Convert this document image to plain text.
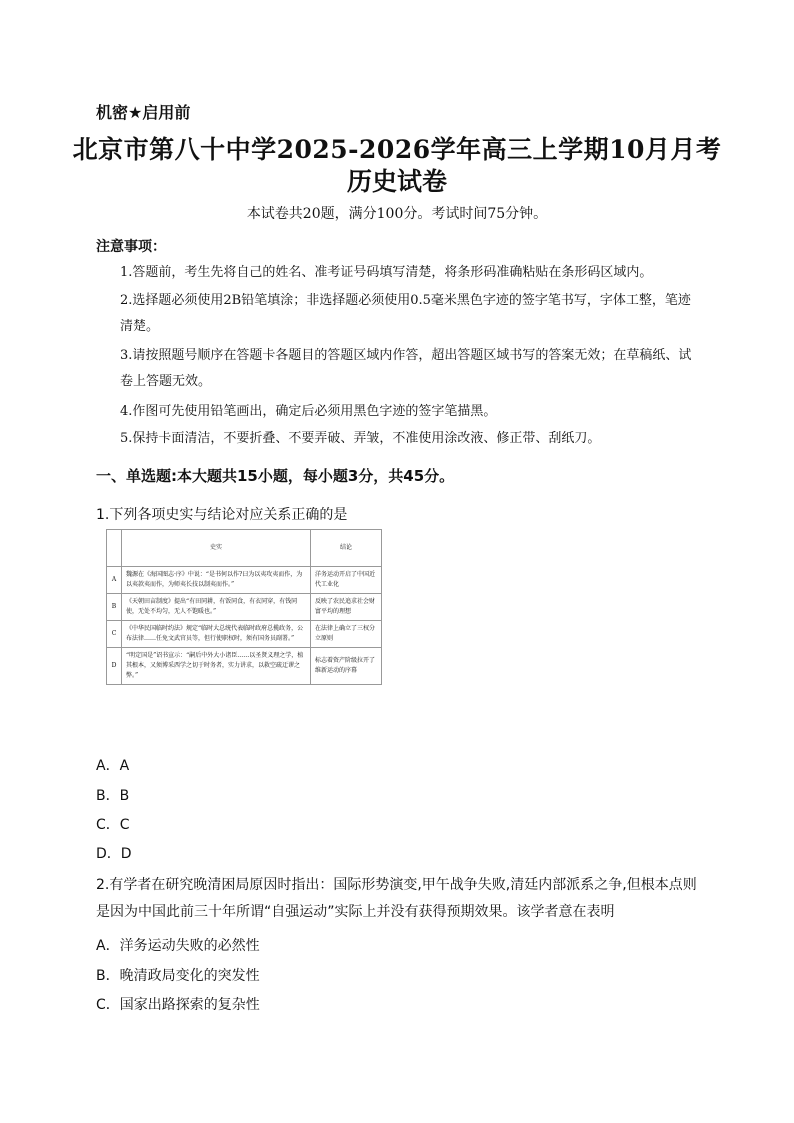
机密★启用前
北京市第八十中学2025-2026学年高三上学期10月月考
历史试卷
本试卷共20题，满分100分。考试时间75分钟。
注意事项：
1.答题前，考生先将自己的姓名、准考证号码填写清楚，将条形码准确粘贴在条形码区域内。
2.选择题必须使用2B铅笔填涂；非选择题必须使用0.5毫米黑色字迹的签字笔书写，字体工整，笔迹清楚。
3.请按照题号顺序在答题卡各题目的答题区域内作答，超出答题区域书写的答案无效；在草稿纸、试卷上答题无效。
4.作图可先使用铅笔画出，确定后必须用黑色字迹的签字笔描黑。
5.保持卡面清洁，不要折叠、不要弄破、弄皱，不准使用涂改液、修正带、刮纸刀。
一、单选题:本大题共15小题，每小题3分，共45分。
1.下列各项史实与结论对应关系正确的是
	史实	结论
A	魏源在《海国图志·序》中说：“是书何以作?曰为以夷攻夷而作，为以夷款夷而作，为师夷长技以制夷而作。”	洋务运动开启了中国近代工业化
B	《天朝田亩制度》提出“有田同耕，有饭同食，有衣同穿，有钱同使，无处不均匀，无人不饱暖也。”	反映了农民追求社会财富平均的理想
C	《中华民国临时约法》规定“临时大总统代表临时政府总揽政务，公布法律……任免文武官员等，但行使职权时，须有国务员副署。”	在法律上确立了三权分立原则
D	“明定国是”诏书宣示：“嗣后中外大小诸臣……以圣贤义理之学，植其根本，又须博采西学之切于时务者，实力讲求，以救空疏迂谬之弊。”	标志着资产阶级拉开了维新运动的序幕
A．A
B．B
C．C
D．D
2.有学者在研究晚清困局原因时指出：国际形势演变,甲午战争失败,清廷内部派系之争,但根本点则是因为中国此前三十年所谓“自强运动”实际上并没有获得预期效果。该学者意在表明
A．洋务运动失败的必然性
B．晚清政局变化的突发性
C．国家出路探索的复杂性
